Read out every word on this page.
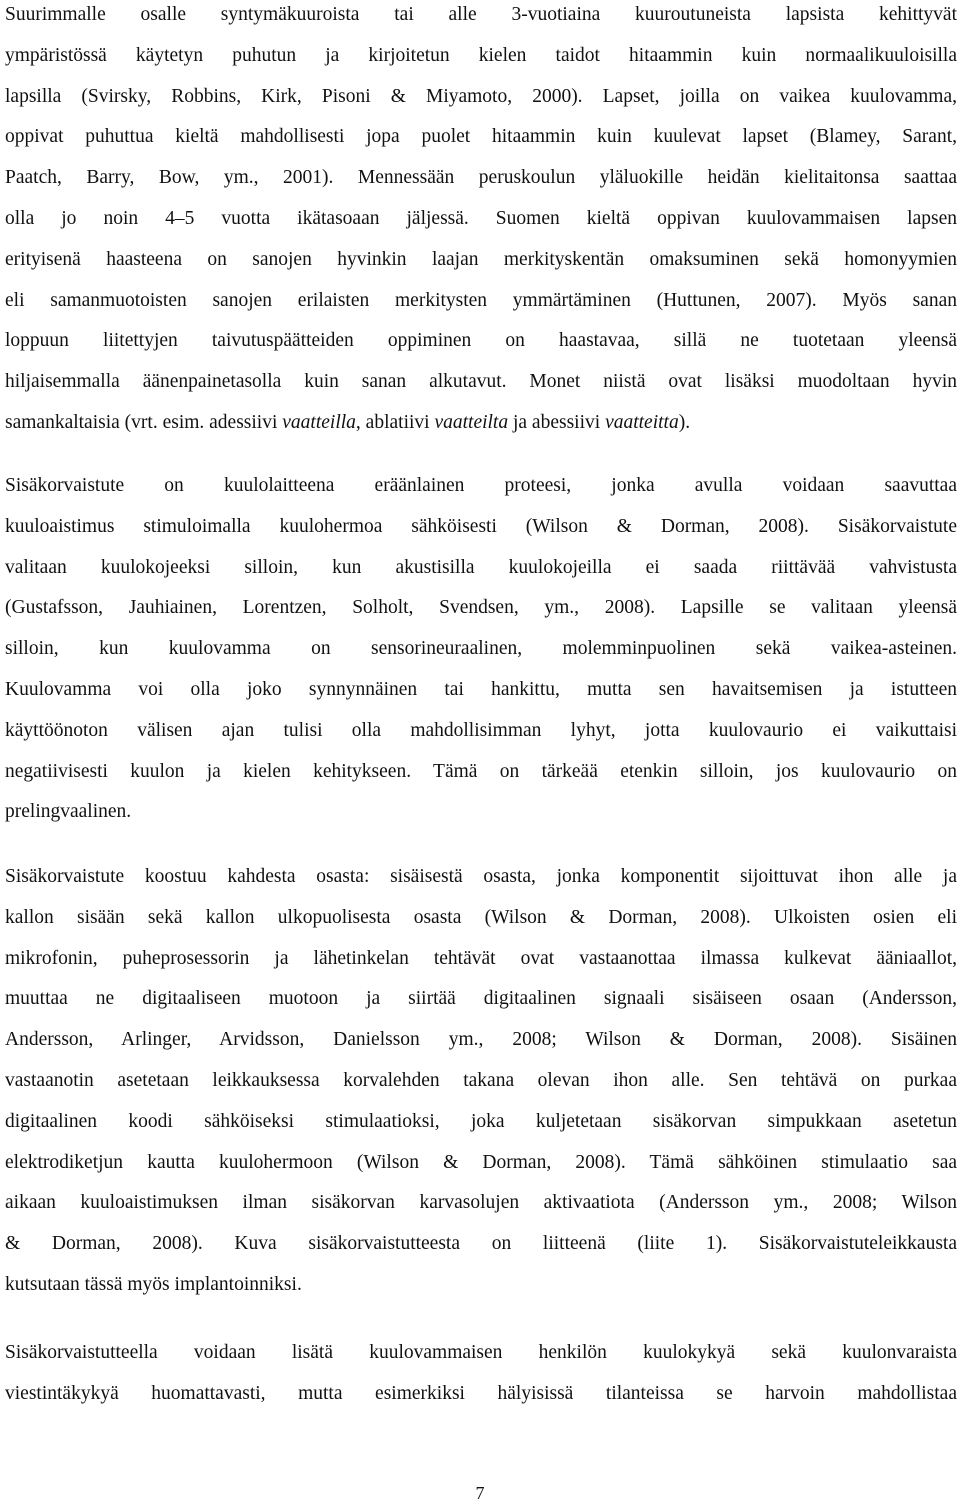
Suurimmalle osalle syntymäkuuroista tai alle 3-vuotiaina kuuroutuneista lapsista kehittyvät
ympäristössä käytetyn puhutun ja kirjoitetun kielen taidot hitaammin kuin normaalikuuloisilla
lapsilla (Svirsky, Robbins, Kirk, Pisoni & Miyamoto, 2000). Lapset, joilla on vaikea kuulovamma,
oppivat puhuttua kieltä mahdollisesti jopa puolet hitaammin kuin kuulevat lapset (Blamey, Sarant,
Paatch, Barry, Bow, ym., 2001). Mennessään peruskoulun yläluokille heidän kielitaitonsa saattaa
olla jo noin 4–5 vuotta ikätasoaan jäljessä. Suomen kieltä oppivan kuulovammaisen lapsen
erityisenä haasteena on sanojen hyvinkin laajan merkityskentän omaksuminen sekä homonyymien
eli samanmuotoisten sanojen erilaisten merkitysten ymmärtäminen (Huttunen, 2007). Myös sanan
loppuun liitettyjen taivutuspäätteiden oppiminen on haastavaa, sillä ne tuotetaan yleensä
hiljaisemmalla äänenpainetasolla kuin sanan alkutavut. Monet niistä ovat lisäksi muodoltaan hyvin
samankaltaisia (vrt. esim. adessiivi vaatteilla, ablatiivi vaatteilta ja abessiivi vaatteitta).
Sisäkorvaistute on kuulolaitteena eräänlainen proteesi, jonka avulla voidaan saavuttaa
kuuloaistimus stimuloimalla kuulohermoa sähköisesti (Wilson & Dorman, 2008). Sisäkorvaistute
valitaan kuulokojeeksi silloin, kun akustisilla kuulokojeilla ei saada riittävää vahvistusta
(Gustafsson, Jauhiainen, Lorentzen, Solholt, Svendsen, ym., 2008). Lapsille se valitaan yleensä
silloin, kun kuulovamma on sensorineuraalinen, molemminpuolinen sekä vaikea-asteinen.
Kuulovamma voi olla joko synnynnäinen tai hankittu, mutta sen havaitsemisen ja istutteen
käyttöönoton välisen ajan tulisi olla mahdollisimman lyhyt, jotta kuulovaurio ei vaikuttaisi
negatiivisesti kuulon ja kielen kehitykseen. Tämä on tärkeää etenkin silloin, jos kuulovaurio on
prelingvaalinen.
Sisäkorvaistute koostuu kahdesta osasta: sisäisestä osasta, jonka komponentit sijoittuvat ihon alle ja
kallon sisään sekä kallon ulkopuolisesta osasta (Wilson & Dorman, 2008). Ulkoisten osien eli
mikrofonin, puheprosessorin ja lähetinkelan tehtävät ovat vastaanottaa ilmassa kulkevat ääniaallot,
muuttaa ne digitaaliseen muotoon ja siirtää digitaalinen signaali sisäiseen osaan (Andersson,
Andersson, Arlinger, Arvidsson, Danielsson ym., 2008; Wilson & Dorman, 2008). Sisäinen
vastaanotin asetetaan leikkauksessa korvalehden takana olevan ihon alle. Sen tehtävä on purkaa
digitaalinen koodi sähköiseksi stimulaatioksi, joka kuljetetaan sisäkorvan simpukkaan asetetun
elektrodiketjun kautta kuulohermoon (Wilson & Dorman, 2008). Tämä sähköinen stimulaatio saa
aikaan kuuloaistimuksen ilman sisäkorvan karvasolujen aktivaatiota (Andersson ym., 2008; Wilson
& Dorman, 2008). Kuva sisäkorvaistutteesta on liitteenä (liite 1). Sisäkorvaistuteleikkausta
kutsutaan tässä myös implantoinniksi.
Sisäkorvaistutteella voidaan lisätä kuulovammaisen henkilön kuulokykyä sekä kuulonvaraista
viestintäkykyä huomattavasti, mutta esimerkiksi hälyisissä tilanteissa se harvoin mahdollistaa
7
